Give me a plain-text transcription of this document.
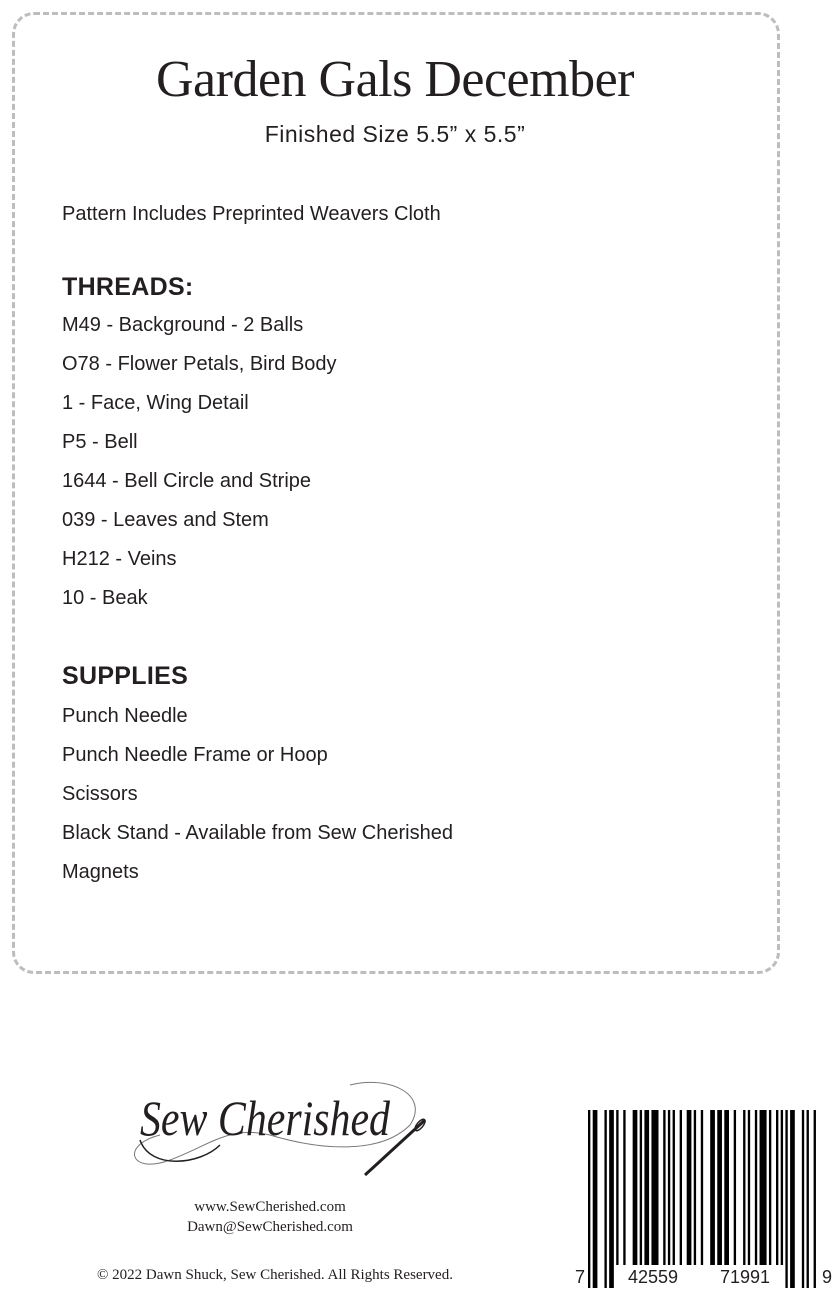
Garden Gals December
Finished Size 5.5” x 5.5”
Pattern Includes Preprinted Weavers Cloth
THREADS:
M49 - Background - 2 Balls
O78 - Flower Petals, Bird Body
1 - Face, Wing Detail
P5 - Bell
1644 - Bell Circle and Stripe
039 - Leaves and Stem
H212 - Veins
10 - Beak
SUPPLIES
Punch Needle
Punch Needle Frame or Hoop
Scissors
Black Stand - Available from Sew Cherished
Magnets
Sew Cherished
www.SewCherished.com
Dawn@SewCherished.com
© 2022 Dawn Shuck, Sew Cherished. All Rights Reserved.	7 42559 71991	9
